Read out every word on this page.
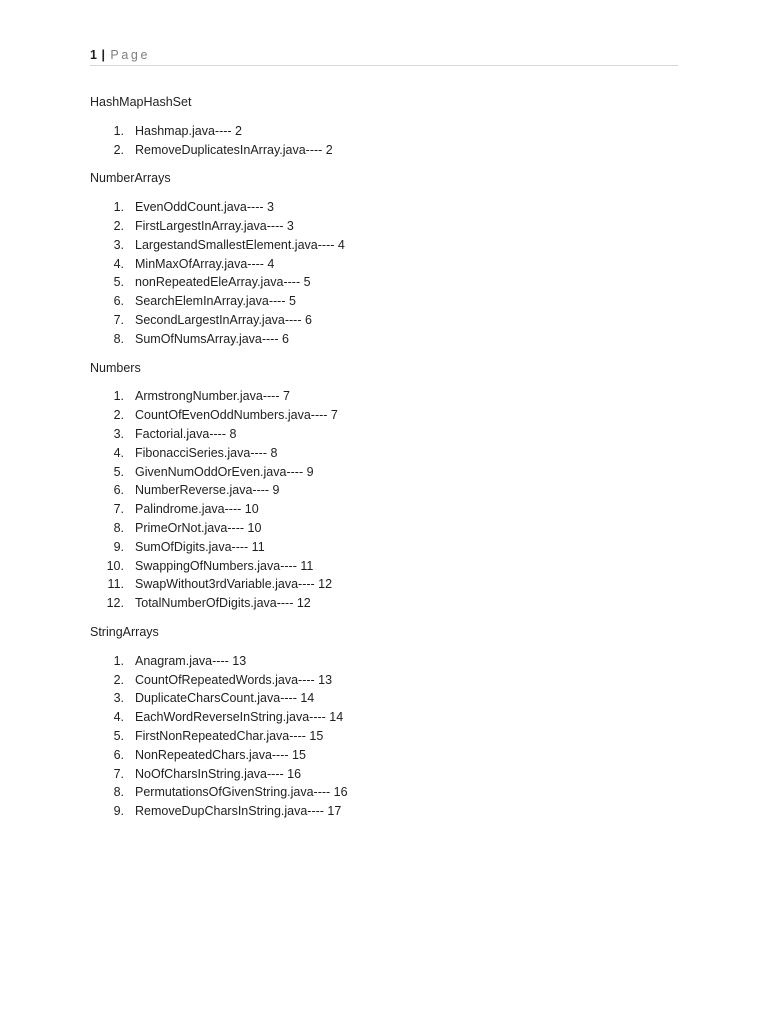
1 | Page
HashMapHashSet
1. Hashmap.java---- 2
2. RemoveDuplicatesInArray.java---- 2
NumberArrays
1. EvenOddCount.java---- 3
2. FirstLargestInArray.java---- 3
3. LargestandSmallestElement.java---- 4
4. MinMaxOfArray.java---- 4
5. nonRepeatedEleArray.java---- 5
6. SearchElemInArray.java---- 5
7. SecondLargestInArray.java---- 6
8. SumOfNumsArray.java---- 6
Numbers
1. ArmstrongNumber.java---- 7
2. CountOfEvenOddNumbers.java---- 7
3. Factorial.java---- 8
4. FibonacciSeries.java---- 8
5. GivenNumOddOrEven.java---- 9
6. NumberReverse.java---- 9
7. Palindrome.java---- 10
8. PrimeOrNot.java---- 10
9. SumOfDigits.java---- 11
10. SwappingOfNumbers.java---- 11
11. SwapWithout3rdVariable.java---- 12
12. TotalNumberOfDigits.java---- 12
StringArrays
1. Anagram.java---- 13
2. CountOfRepeatedWords.java---- 13
3. DuplicateCharsCount.java---- 14
4. EachWordReverseInString.java---- 14
5. FirstNonRepeatedChar.java---- 15
6. NonRepeatedChars.java---- 15
7. NoOfCharsInString.java---- 16
8. PermutationsOfGivenString.java---- 16
9. RemoveDupCharsInString.java---- 17
